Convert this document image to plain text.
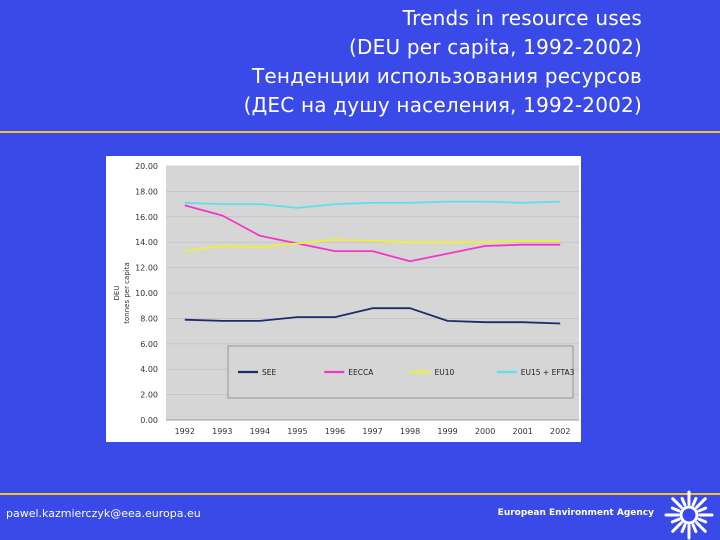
Trends in resource uses
(DEU per capita, 1992-2002)
Тенденции использования ресурсов
(ДЕС на душу населения, 1992-2002)
0.00
2.00
4.00
6.00
8.00
10.00
12.00
14.00
16.00
18.00
20.00
1992 1993 1994 1995 1996 1997 1998 1999 2000 2001 2002
DEU tonnes per capita
SEE	EECCA	EU10	EU15 + EFTA3
pawel.kazmierczyk@eea.europa.eu	European Environment Agency
